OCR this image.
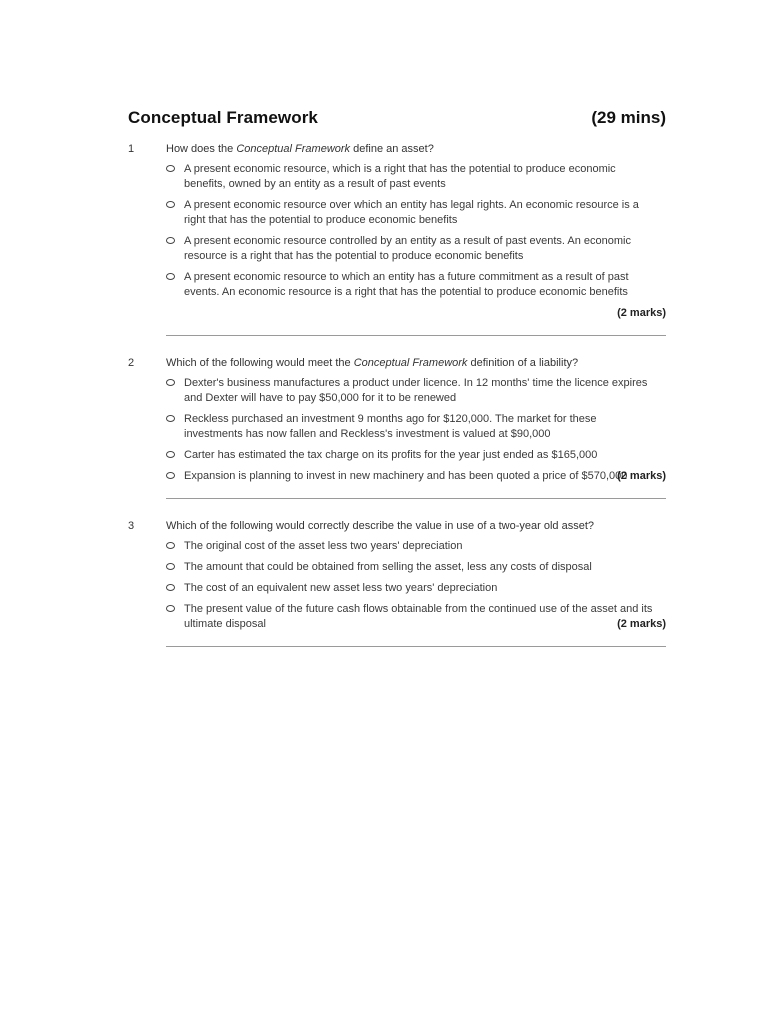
Conceptual Framework	(29 mins)
1	How does the Conceptual Framework define an asset?
A present economic resource, which is a right that has the potential to produce economic benefits, owned by an entity as a result of past events
A present economic resource over which an entity has legal rights. An economic resource is a right that has the potential to produce economic benefits
A present economic resource controlled by an entity as a result of past events. An economic resource is a right that has the potential to produce economic benefits
A present economic resource to which an entity has a future commitment as a result of past events. An economic resource is a right that has the potential to produce economic benefits
(2 marks)
2	Which of the following would meet the Conceptual Framework definition of a liability?
Dexter's business manufactures a product under licence. In 12 months' time the licence expires and Dexter will have to pay $50,000 for it to be renewed
Reckless purchased an investment 9 months ago for $120,000. The market for these investments has now fallen and Reckless's investment is valued at $90,000
Carter has estimated the tax charge on its profits for the year just ended as $165,000
Expansion is planning to invest in new machinery and has been quoted a price of $570,000
(2 marks)
3	Which of the following would correctly describe the value in use of a two-year old asset?
The original cost of the asset less two years' depreciation
The amount that could be obtained from selling the asset, less any costs of disposal
The cost of an equivalent new asset less two years' depreciation
The present value of the future cash flows obtainable from the continued use of the asset and its ultimate disposal	(2 marks)
